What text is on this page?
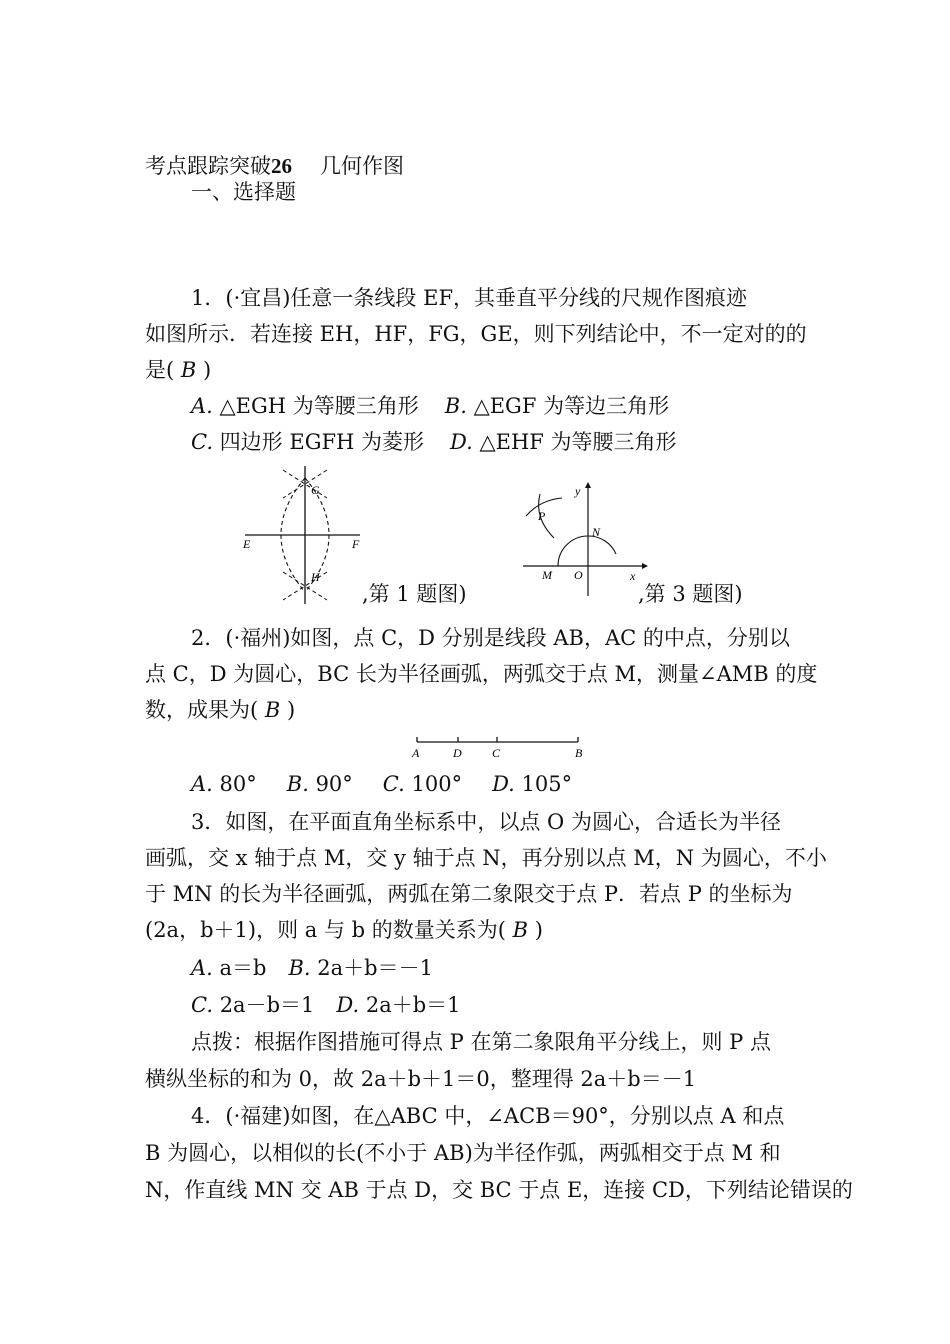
考点跟踪突破26 几何作图
一、选择题
1．(·宜昌)任意一条线段 EF，其垂直平分线的尺规作图痕迹
如图所示．若连接 EH，HF，FG，GE，则下列结论中，不一定对的的
是( B )
A. △EGH 为等腰三角形 B. △EGF 为等边三角形
C. 四边形 EGFH 为菱形 D. △EHF 为等腰三角形
E	F
G
H
,第 1 题图)
y
x
P
N
M O
,第 3 题图)
2．(·福州)如图，点 C，D 分别是线段 AB，AC 的中点，分别以
点 C，D 为圆心，BC 长为半径画弧，两弧交于点 M，测量∠AMB 的度
数，成果为( B )
A	D	C	B
A. 80° B. 90° C. 100° D. 105°
3．如图，在平面直角坐标系中，以点 O 为圆心，合适长为半径
画弧，交 x 轴于点 M，交 y 轴于点 N，再分别以点 M，N 为圆心，不小
于 MN 的长为半径画弧，两弧在第二象限交于点 P．若点 P 的坐标为
(2a，b＋1)，则 a 与 b 的数量关系为( B )
A. a＝b B. 2a＋b＝－1
C. 2a－b＝1 D. 2a＋b＝1
点拨：根据作图措施可得点 P 在第二象限角平分线上，则 P 点
横纵坐标的和为 0，故 2a＋b＋1＝0，整理得 2a＋b＝－1
4．(·福建)如图，在△ABC 中，∠ACB＝90°，分别以点 A 和点
B 为圆心，以相似的长(不小于 AB)为半径作弧，两弧相交于点 M 和
N，作直线 MN 交 AB 于点 D，交 BC 于点 E，连接 CD，下列结论错误的
